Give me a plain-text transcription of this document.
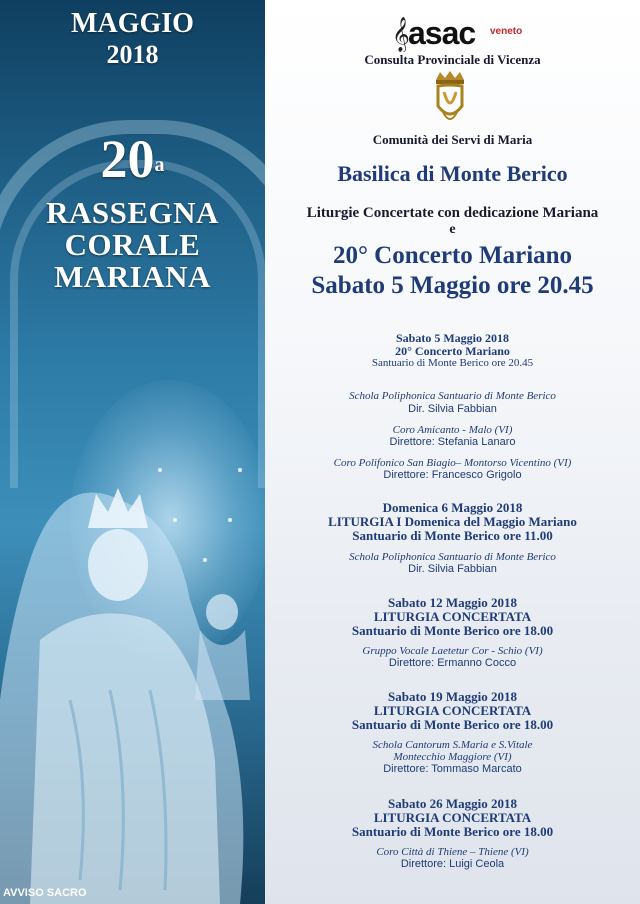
MAGGIO
2018
20$^a$
RASSEGNA
CORALE
MARIANA
AVVISO SACRO
𝄞
asac veneto
Consulta Provinciale di Vicenza
Comunità dei Servi di Maria
Basilica di Monte Berico
Liturgie Concertate con dedicazione Mariana
e
20° Concerto Mariano
Sabato 5 Maggio ore 20.45
Sabato 5 Maggio 2018
20° Concerto Mariano
Santuario di Monte Berico ore 20.45
Schola Poliphonica Santuario di Monte Berico
Dir. Silvia Fabbian
Coro Amicanto - Malo (VI)
Direttore: Stefania Lanaro
Coro Polifonico San Biagio– Montorso Vicentino (VI)
Direttore: Francesco Grigolo
Domenica 6 Maggio 2018
LITURGIA I Domenica del Maggio Mariano
Santuario di Monte Berico ore 11.00
Schola Poliphonica Santuario di Monte Berico
Dir. Silvia Fabbian
Sabato 12 Maggio 2018
LITURGIA CONCERTATA
Santuario di Monte Berico ore 18.00
Gruppo Vocale Laetetur Cor - Schio (VI)
Direttore: Ermanno Cocco
Sabato 19 Maggio 2018
LITURGIA CONCERTATA
Santuario di Monte Berico ore 18.00
Schola Cantorum S.Maria e S.Vitale
Montecchio Maggiore (VI)
Direttore: Tommaso Marcato
Sabato 26 Maggio 2018
LITURGIA CONCERTATA
Santuario di Monte Berico ore 18.00
Coro Città di Thiene – Thiene (VI)
Direttore: Luigi Ceola
